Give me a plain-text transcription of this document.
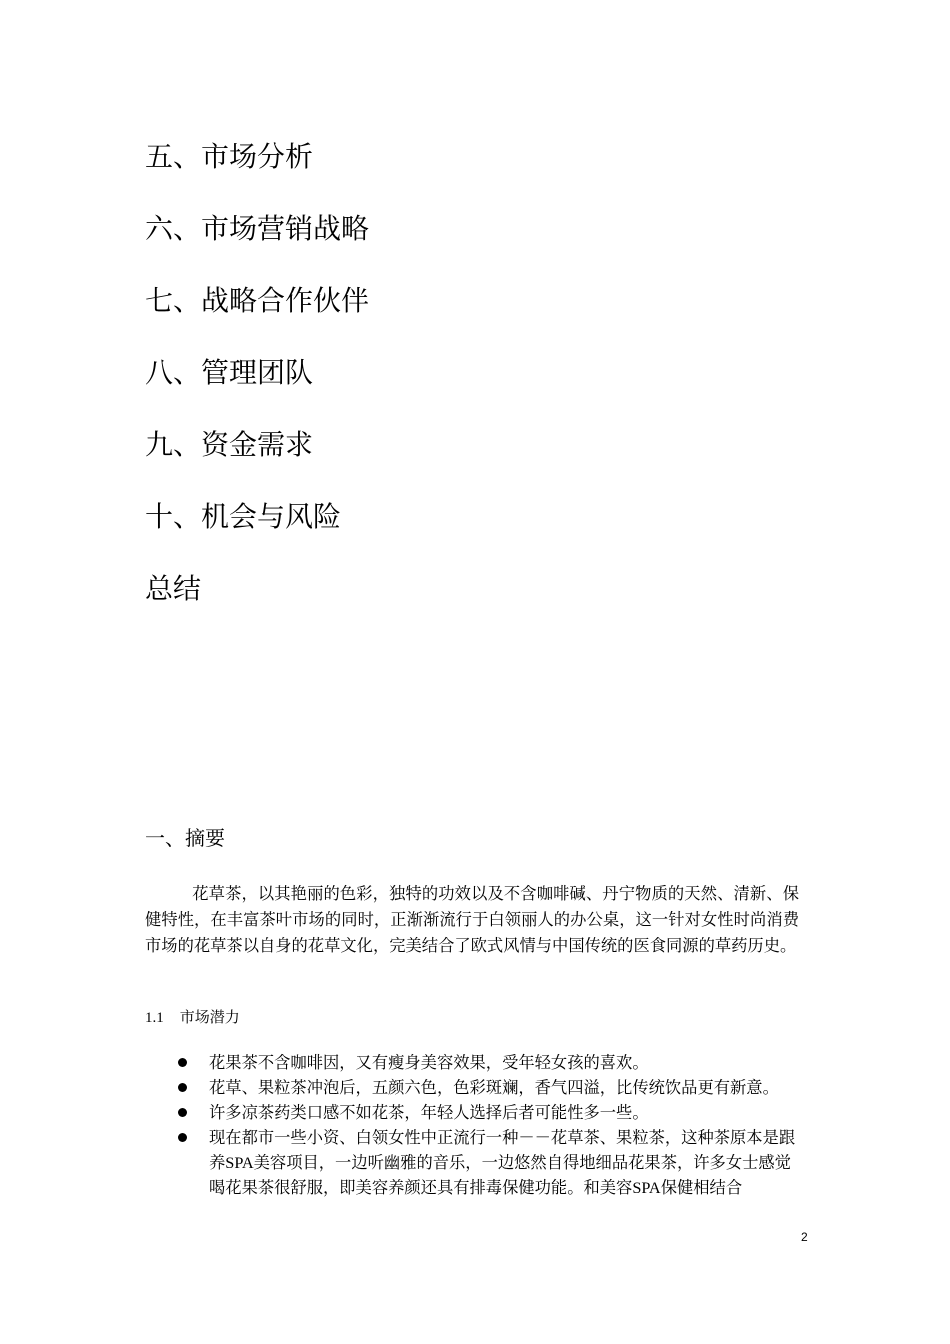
五、市场分析
六、市场营销战略
七、战略合作伙伴
八、管理团队
九、资金需求
十、机会与风险
总结
一、摘要

花草茶，以其艳丽的色彩，独特的功效以及不含咖啡碱、丹宁物质的天然、清新、保健特性，在丰富茶叶市场的同时，正渐渐流行于白领丽人的办公桌，这一针对女性时尚消费市场的花草茶以自身的花草文化，完美结合了欧式风情与中国传统的医食同源的草药历史。

1.1 市场潜力
花果茶不含咖啡因，又有瘦身美容效果，受年轻女孩的喜欢。
花草、果粒茶冲泡后，五颜六色，色彩斑斓，香气四溢，比传统饮品更有新意。
许多凉茶药类口感不如花茶，年轻人选择后者可能性多一些。
现在都市一些小资、白领女性中正流行一种－－花草茶、果粒茶，这种茶原本是跟养SPA美容项目，一边听幽雅的音乐，一边悠然自得地细品花果茶，许多女士感觉喝花果茶很舒服，即美容养颜还具有排毒保健功能。和美容SPA保健相结合
2
